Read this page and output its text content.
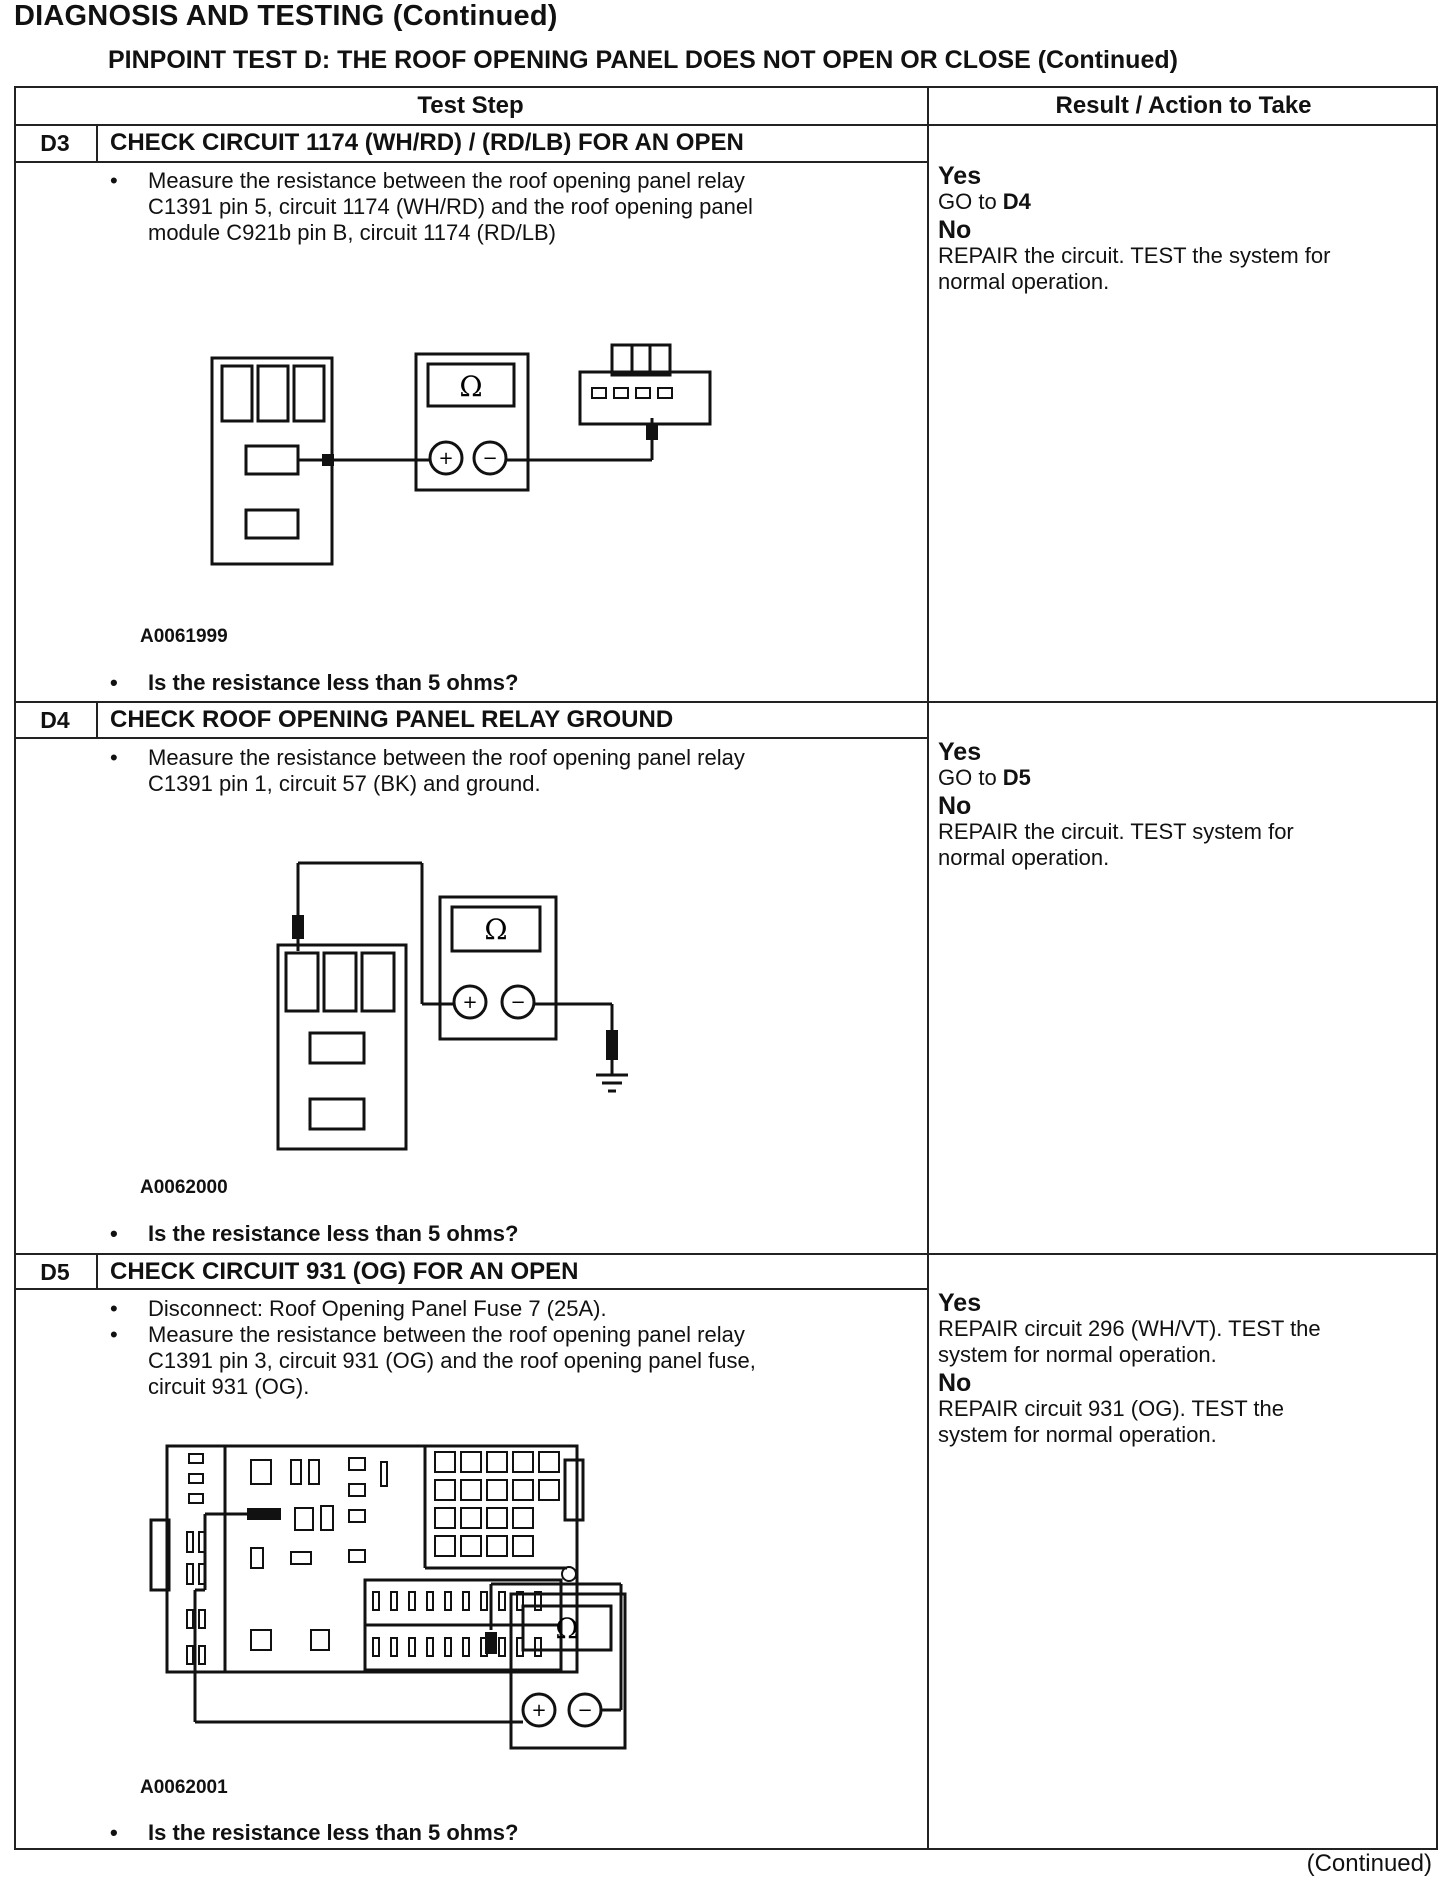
DIAGNOSIS AND TESTING (Continued)
PINPOINT TEST D: THE ROOF OPENING PANEL DOES NOT OPEN OR CLOSE (Continued)
Test Step	Result / Action to Take
D3	CHECK CIRCUIT 1174 (WH/RD) / (RD/LB) FOR AN OPEN
• Measure the resistance between the roof opening panel relay
C1391 pin 5, circuit 1174 (WH/RD) and the roof opening panel
module C921b pin B, circuit 1174 (RD/LB)
Ω
+ −
A0061999
• Is the resistance less than 5 ohms?
Yes
GO to D4
No
REPAIR the circuit. TEST the system for
normal operation.
D4	CHECK ROOF OPENING PANEL RELAY GROUND
• Measure the resistance between the roof opening panel relay
C1391 pin 1, circuit 57 (BK) and ground.
Ω
+ −
A0062000
• Is the resistance less than 5 ohms?
Yes
GO to D5
No
REPAIR the circuit. TEST system for
normal operation.
D5	CHECK CIRCUIT 931 (OG) FOR AN OPEN
• Disconnect: Roof Opening Panel Fuse 7 (25A).
• Measure the resistance between the roof opening panel relay
C1391 pin 3, circuit 931 (OG) and the roof opening panel fuse,
circuit 931 (OG).
Ω
+ −
A0062001
• Is the resistance less than 5 ohms?
Yes
REPAIR circuit 296 (WH/VT). TEST the
system for normal operation.
No
REPAIR circuit 931 (OG). TEST the
system for normal operation.
(Continued)
